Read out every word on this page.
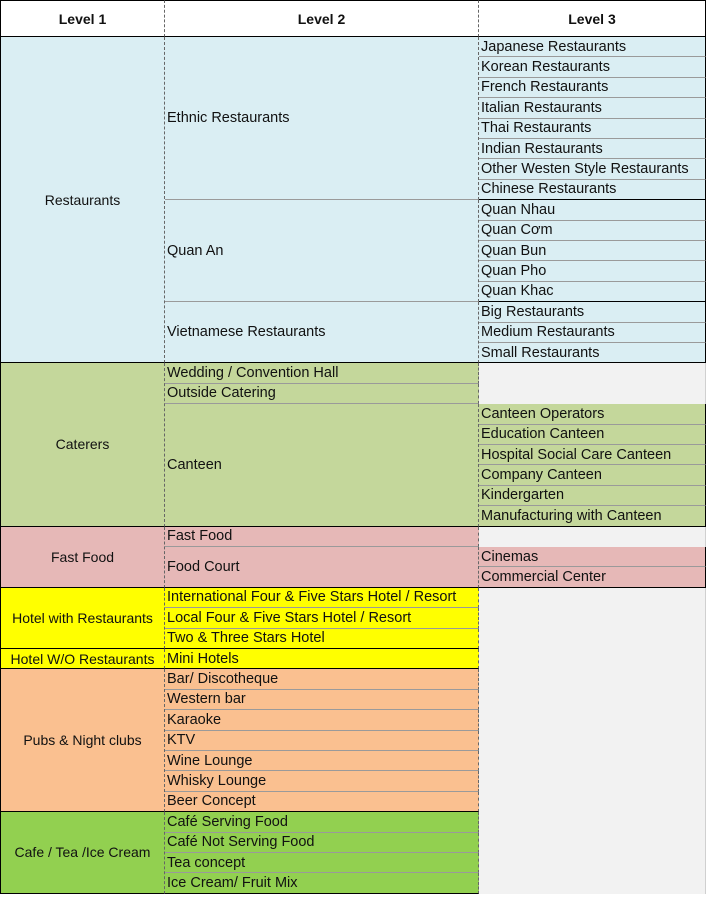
Level 1	Level 2	Level 3
Restaurants
Ethnic Restaurants
Japanese Restaurants
Korean Restaurants
French Restaurants
Italian Restaurants
Thai Restaurants
Indian Restaurants
Other Westen Style Restaurants
Chinese Restaurants
Quan An
Quan Nhau
Quan Cơm
Quan Bun
Quan Pho
Quan Khac
Vietnamese Restaurants
Big Restaurants
Medium Restaurants
Small Restaurants
Caterers
Wedding / Convention Hall
Outside Catering
Canteen
Canteen Operators
Education Canteen
Hospital Social Care Canteen
Company Canteen
Kindergarten
Manufacturing with Canteen
Fast Food
Fast Food
Food Court
Cinemas
Commercial Center
Hotel with Restaurants
International Four & Five Stars Hotel / Resort
Local Four & Five Stars Hotel / Resort
Two & Three Stars Hotel
Hotel W/O Restaurants Mini Hotels
Pubs & Night clubs
Bar/ Discotheque
Western bar
Karaoke
KTV
Wine Lounge
Whisky Lounge
Beer Concept
Cafe / Tea /Ice Cream
Café Serving Food
Café Not Serving Food
Tea concept
Ice Cream/ Fruit Mix
